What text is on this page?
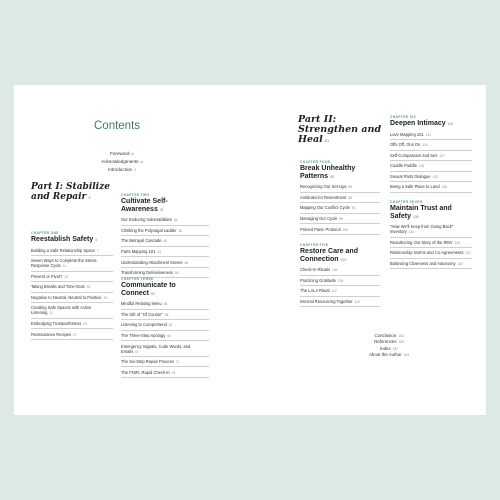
Contents
Foreword ix
Acknowledgments xi
Introduction 1
Part I: Stabilize and Repair 3
Part II: Strengthen and Heal 81
CHAPTER ONE
Reestablish Safety 5
Building a Safe Relationship Space 7
Seven Ways to Complete the Stress Response Cycle 11
Prevent or Pivot? 14
Taking Breaks and Time-Outs 16
Negative to Neutral, Neutral to Positive 19
Creating Safe Spaces with Active Listening 21
Embodying Trustworthiness 24
Reassurance Recipes 27
CHAPTER TWO
Cultivate Self-Awareness 31
Our Enduring Vulnerabilities 33
Climbing the Polyvagal Ladder 36
The Betrayal Cascade 40
Parts Mapping 101 43
Understanding Attachment Moves 46
Transforming Defensiveness 50
CHAPTER THREE
Communicate to Connect 53
Mindful Relating Menu 55
The Gift of "Of Course" 58
Listening to Comprehend 61
The Three-Step Apology 64
Emergency Signals, Code Words, and Emails 67
The Six-Step Repair Process 71
The FNIFL Rapid Check-In 76
CHAPTER FOUR
Break Unhealthy Patterns 83
Recognizing Our Set-Ups 85
Antidotes for Resentment 88
Mapping Our Conflict Cycle 92
Managing Our Cycle 96
Primed Panic Protocol 100
CHAPTER FIVE
Restore Care and Connection 103
Check-In Rituals 105
Practicing Gratitude 109
The LALA Ritual 112
Internal Resourcing Together 115
CHAPTER SIX
Deepen Intimacy 119
Love Mapping 101 121
Offs Off, Ons On 124
Self-Compassion and Sex 127
Cuddle Puddle 130
Sexual Parts Dialogue 133
Being a Safe Place to Land 136
CHAPTER SEVEN
Maintain Trust and Safety 139
"How We'll Keep from Going Back" Inventory 141
Reauthoring Our Story of the RMV 144
Relationship Norms and Co-Agreements 147
Balancing Closeness and Autonomy 150
Conclusion 153
References 155
Index 157
About the Author 163
